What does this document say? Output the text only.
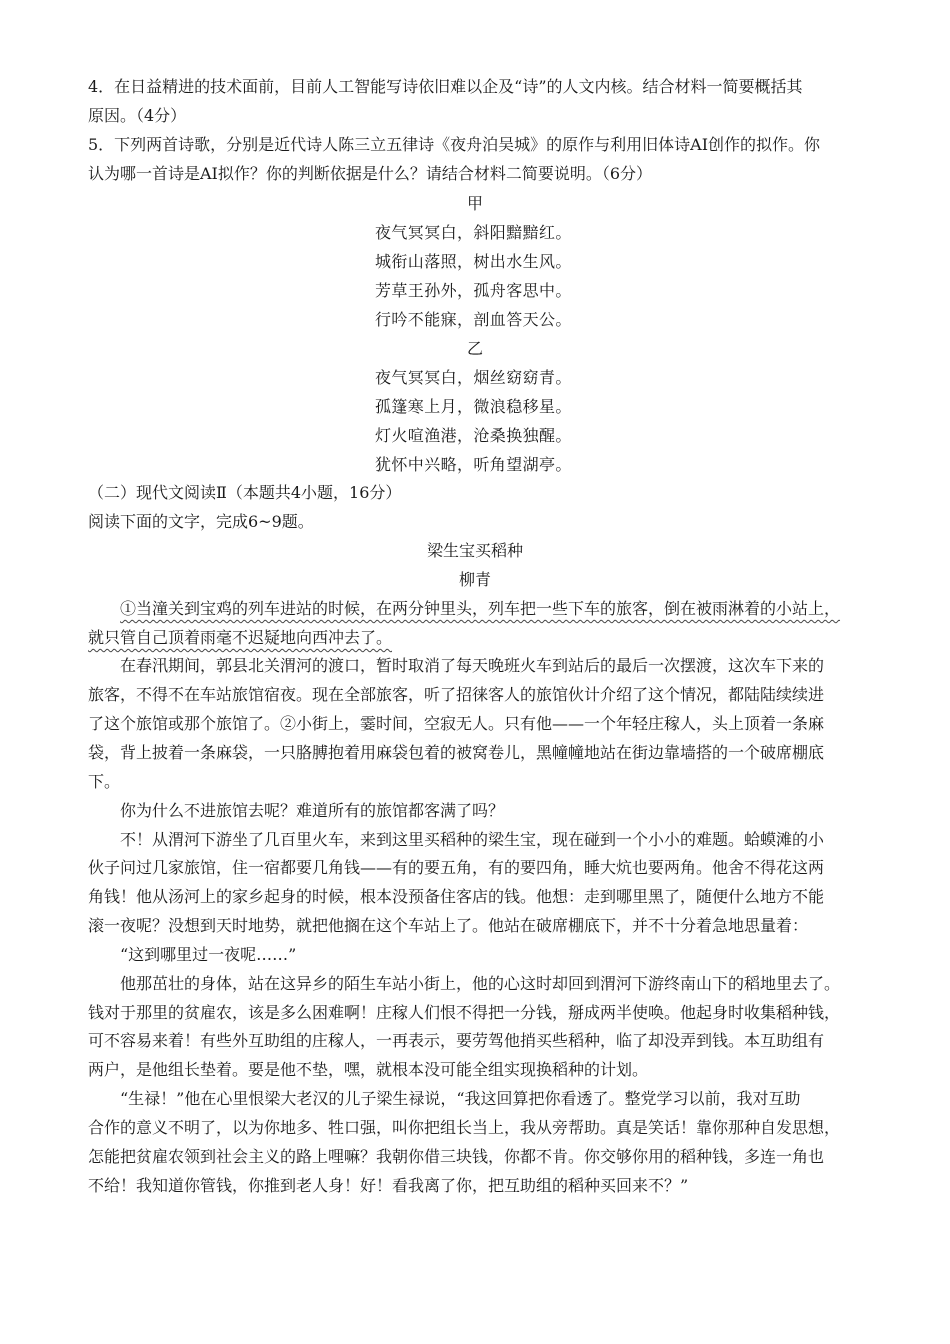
4．在日益精进的技术面前，目前人工智能写诗依旧难以企及“诗”的人文内核。结合材料一简要概括其
原因。（4分）
5．下列两首诗歌，分别是近代诗人陈三立五律诗《夜舟泊吴城》的原作与利用旧体诗AI创作的拟作。你
认为哪一首诗是AI拟作？你的判断依据是什么？请结合材料二简要说明。（6分）
甲
夜气冥冥白，斜阳黯黯红。
城衔山落照，树出水生风。
芳草王孙外，孤舟客思中。
行吟不能寐，剖血答天公。
乙
夜气冥冥白，烟丝窈窈青。
孤篷寒上月，微浪稳移星。
灯火喧渔港，沧桑换独醒。
犹怀中兴略，听角望湖亭。
（二）现代文阅读Ⅱ（本题共4小题，16分）
阅读下面的文字，完成6~9题。
梁生宝买稻种
柳青
①当潼关到宝鸡的列车进站的时候，在两分钟里头，列车把一些下车的旅客，倒在被雨淋着的小站上，
就只管自己顶着雨毫不迟疑地向西冲去了。
在春汛期间，郭县北关渭河的渡口，暂时取消了每天晚班火车到站后的最后一次摆渡，这次车下来的
旅客，不得不在车站旅馆宿夜。现在全部旅客，听了招徕客人的旅馆伙计介绍了这个情况，都陆陆续续进
了这个旅馆或那个旅馆了。②小街上，霎时间，空寂无人。只有他——一个年轻庄稼人，头上顶着一条麻
袋，背上披着一条麻袋，一只胳膊抱着用麻袋包着的被窝卷儿，黑幢幢地站在街边靠墙搭的一个破席棚底
下。
你为什么不进旅馆去呢？难道所有的旅馆都客满了吗？
不！从渭河下游坐了几百里火车，来到这里买稻种的梁生宝，现在碰到一个小小的难题。蛤蟆滩的小
伙子问过几家旅馆，住一宿都要几角钱——有的要五角，有的要四角，睡大炕也要两角。他舍不得花这两
角钱！他从汤河上的家乡起身的时候，根本没预备住客店的钱。他想：走到哪里黑了，随便什么地方不能
滚一夜呢？没想到天时地势，就把他搁在这个车站上了。他站在破席棚底下，并不十分着急地思量着：
“这到哪里过一夜呢……”
他那茁壮的身体，站在这异乡的陌生车站小街上，他的心这时却回到渭河下游终南山下的稻地里去了。
钱对于那里的贫雇农，该是多么困难啊！庄稼人们恨不得把一分钱，掰成两半使唤。他起身时收集稻种钱，
可不容易来着！有些外互助组的庄稼人，一再表示，要劳驾他捎买些稻种，临了却没弄到钱。本互助组有
两户，是他组长垫着。要是他不垫，嘿，就根本没可能全组实现换稻种的计划。
“生禄！”他在心里恨梁大老汉的儿子梁生禄说，“我这回算把你看透了。整党学习以前，我对互助
合作的意义不明了，以为你地多、牲口强，叫你把组长当上，我从旁帮助。真是笑话！靠你那种自发思想，
怎能把贫雇农领到社会主义的路上哩嘛？我朝你借三块钱，你都不肯。你交够你用的稻种钱，多连一角也
不给！我知道你管钱，你推到老人身！好！看我离了你，把互助组的稻种买回来不？”
